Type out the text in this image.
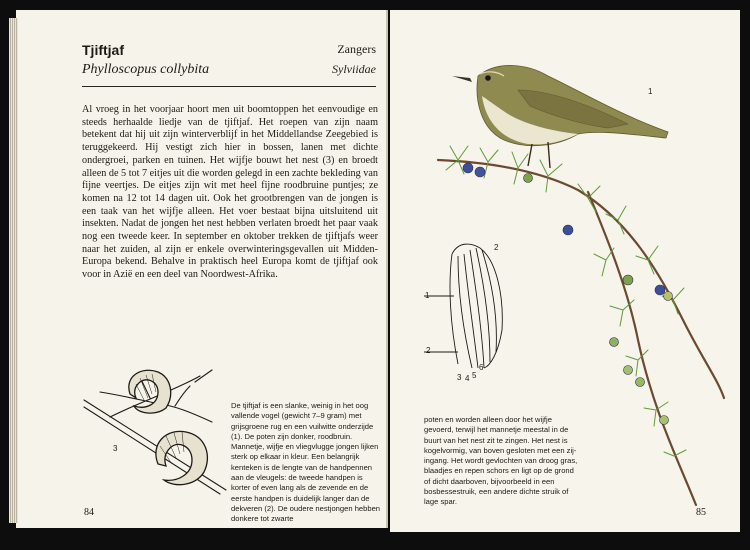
Tjiftjaf
Phylloscopus collybita
Zangers
Sylviidae

Al vroeg in het voorjaar hoort men uit boomtoppen het eenvoudige en steeds herhaalde liedje van de tjiftjaf. Het roepen van zijn naam betekent dat hij uit zijn winterverblijf in het Middellandse Zeegebied is teruggekeerd. Hij vestigt zich hier in bossen, lanen met dichte ondergroei, parken en tuinen. Het wijfje bouwt het nest (3) en broedt alleen de 5 tot 7 eitjes uit die worden gelegd in een zachte bekleding van fijne veertjes. De eitjes zijn wit met heel fijne roodbruine puntjes; ze komen na 12 tot 14 dagen uit. Ook het grootbrengen van de jongen is een taak van het wijfje alleen. Het voer bestaat bijna uitsluitend uit insekten. Nadat de jongen het nest hebben verlaten broedt het paar vaak nog een tweede keer. In september en oktober trekken de tjiftjafs weer naar het zuiden, al zijn er enkele overwinteringsgevallen uit Midden-Europa bekend. Behalve in praktisch heel Europa komt de tjiftjaf ook voor in Azië en een deel van Noordwest-Afrika.

3

De tjiftjaf is een slanke, weinig in het oog vallende vogel (gewicht 7–9 gram) met grijsgroene rug en een vuilwitte onderzijde (1). De poten zijn donker, roodbruin. Mannetje, wijfje en vliegvlugge jongen lijken sterk op elkaar in kleur. Een belangrijk kenteken is de lengte van de handpennen aan de vleugels: de tweede handpen is korter of even lang als de zevende en de eerste handpen is duidelijk langer dan de dekveren (2). De oudere nestjongen hebben donkere tot zwarte

84
1
2
1
2
3 4 5
6

poten en worden alleen door het wijfje gevoerd, terwijl het mannetje meestal in de buurt van het nest zit te zingen. Het nest is kogelvormig, van boven gesloten met een zij-ingang. Het wordt gevlochten van droog gras, blaadjes en repen schors en ligt op de grond of dicht daarboven, bijvoorbeeld in een bosbessestruik, een andere dichte struik of lage spar.

85
